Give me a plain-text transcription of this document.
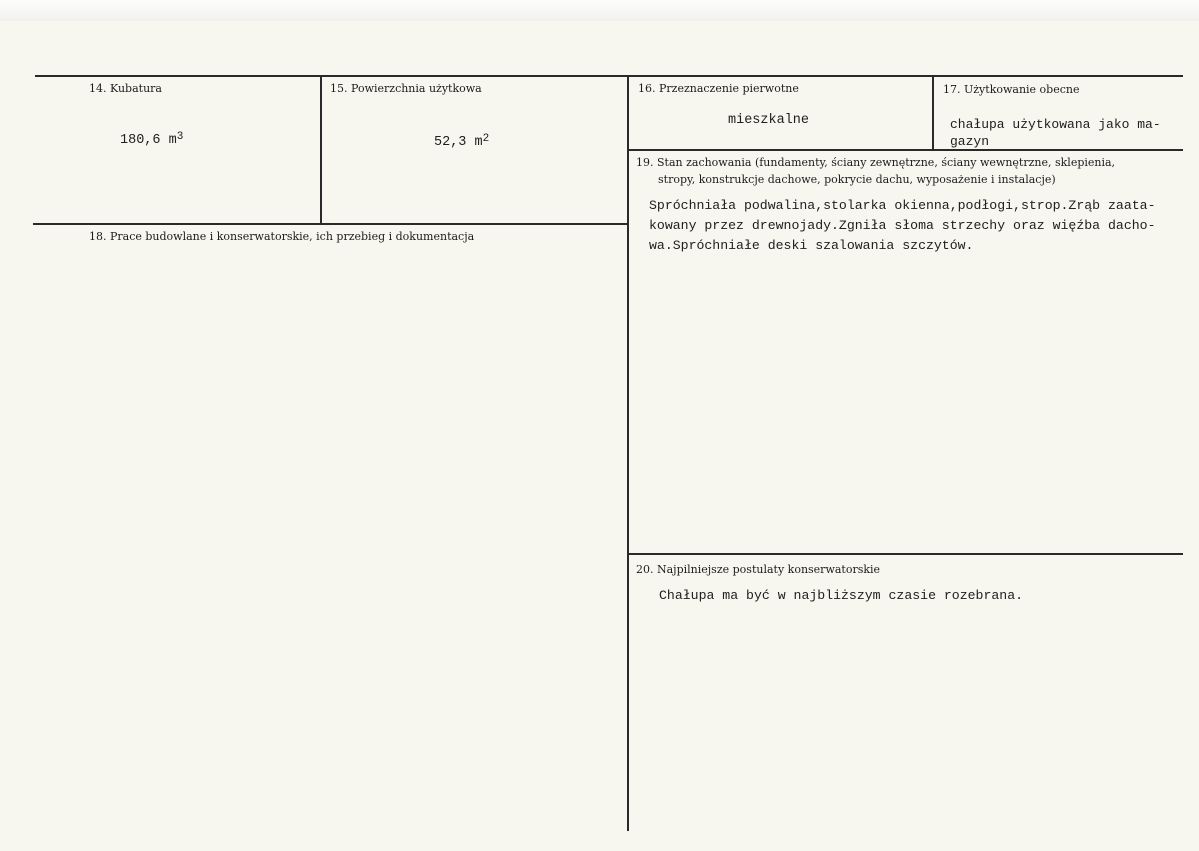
14. Kubatura
180,6 $m^3$
15. Powierzchnia użytkowa
52,3 $m^2$
16. Przeznaczenie pierwotne
mieszkalne
17. Użytkowanie obecne
chałupa użytkowana jako ma-
gazyn
18. Prace budowlane i konserwatorskie, ich przebieg i dokumentacja
19. Stan zachowania (fundamenty, ściany zewnętrzne, ściany wewnętrzne, sklepienia,
stropy, konstrukcje dachowe, pokrycie dachu, wyposażenie i instalacje)
Spróchniała podwalina,stolarka okienna,podłogi,strop.Zrąb zaata-
kowany przez drewnojady.Zgniła słoma strzechy oraz więźba dacho-
wa.Spróchniałe deski szalowania szczytów.
20. Najpilniejsze postulaty konserwatorskie
Chałupa ma być w najbliższym czasie rozebrana.
